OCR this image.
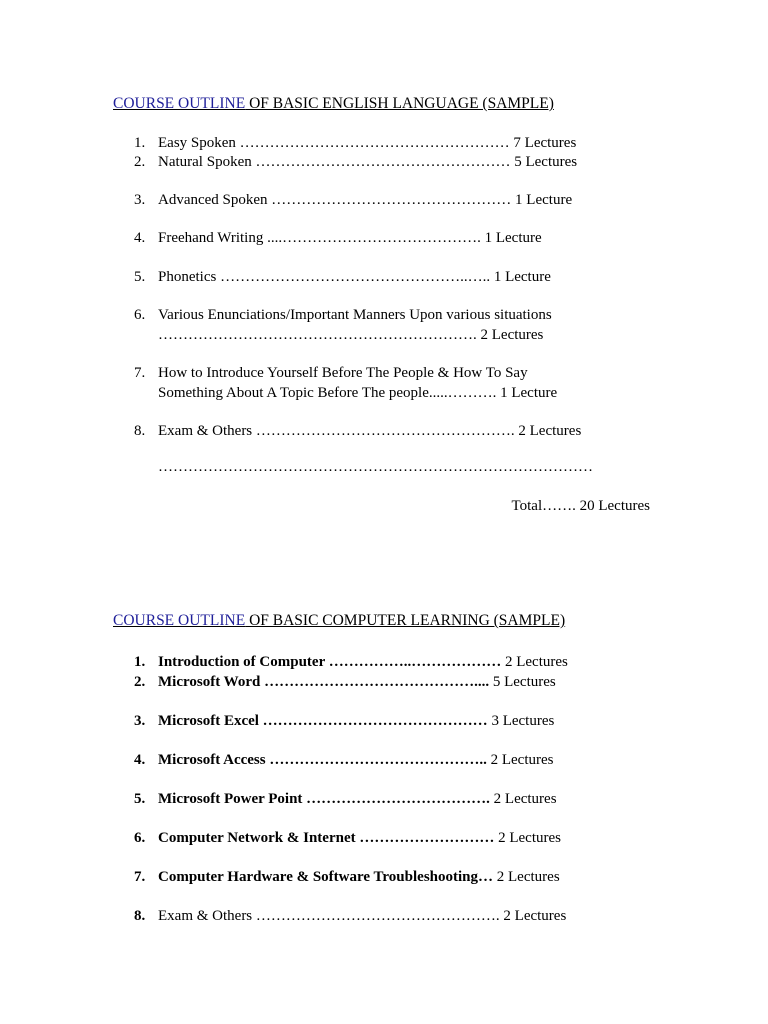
COURSE OUTLINE OF BASIC ENGLISH LANGUAGE (SAMPLE)
1. Easy Spoken ……………………………………………… 7 Lectures
2. Natural Spoken …………………………………………… 5 Lectures
3. Advanced Spoken ………………………………………… 1 Lecture
4. Freehand Writing ....…………………………………. 1 Lecture
5. Phonetics …………………………………………..….. 1 Lecture
6. Various Enunciations/Important Manners Upon various situations
………………………………………………………. 2 Lectures
7. How to Introduce Yourself Before The People & How To Say
Something About A Topic Before The people.....………. 1 Lecture
8. Exam & Others ……………………………………………. 2 Lectures
……………………………………………………………………………
Total……. 20 Lectures
COURSE OUTLINE OF BASIC COMPUTER LEARNING (SAMPLE)
1. Introduction of Computer ……………..……………… 2 Lectures
2. Microsoft Word …………………………………….... 5 Lectures
3. Microsoft Excel ……………………………………… 3 Lectures
4. Microsoft Access …………………………………….. 2 Lectures
5. Microsoft Power Point ………………………………. 2 Lectures
6. Computer Network & Internet ……………………… 2 Lectures
7. Computer Hardware & Software Troubleshooting… 2 Lectures
8. Exam & Others …………………………………………. 2 Lectures
